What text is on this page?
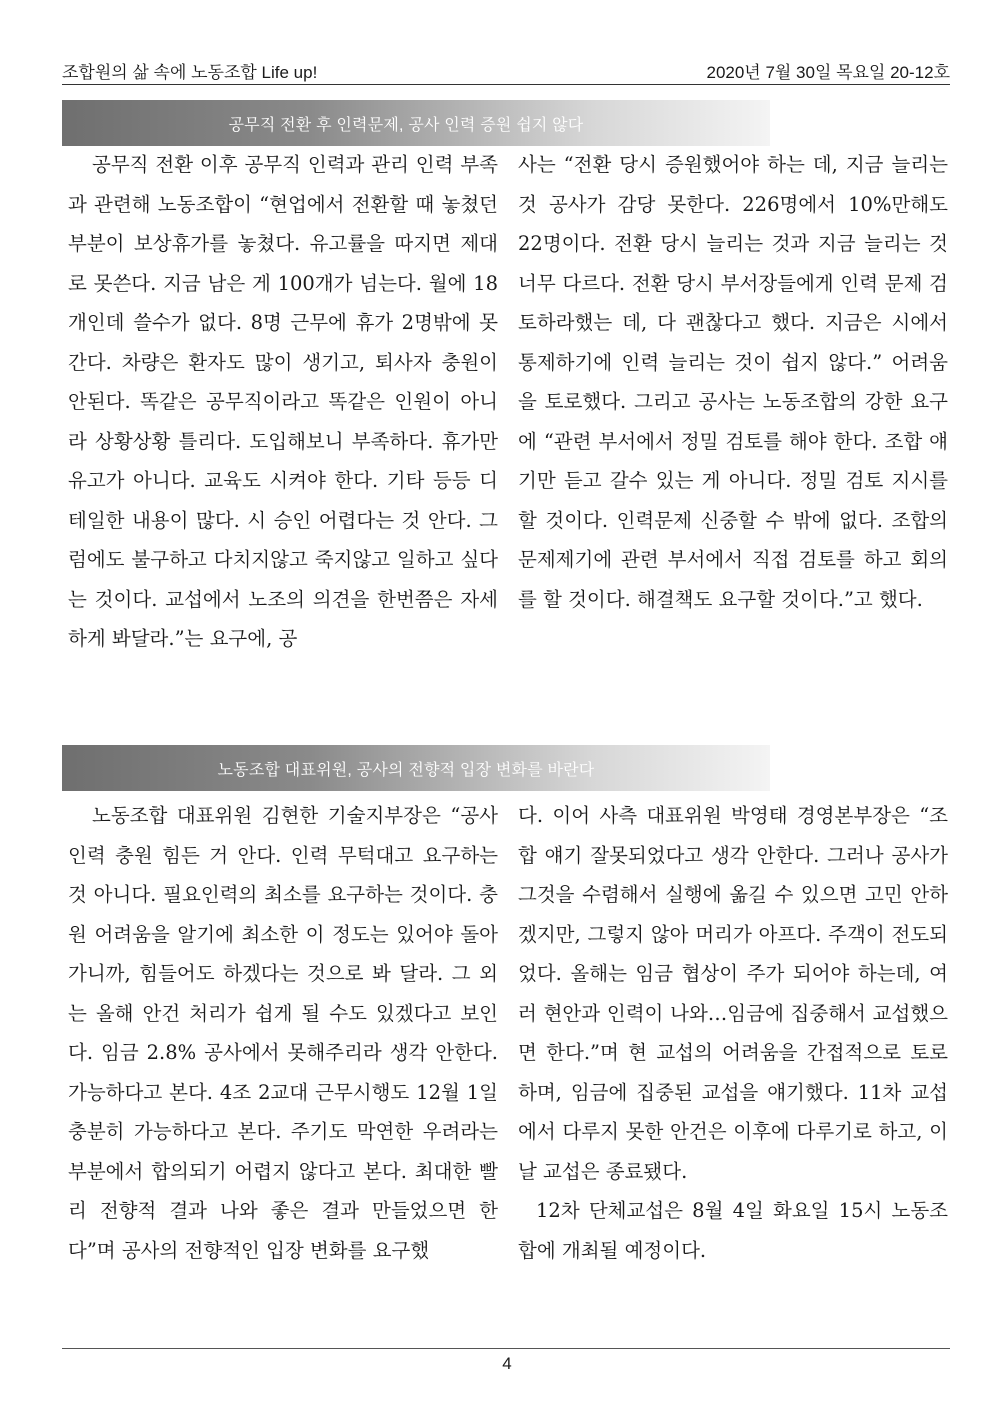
조합원의 삶 속에 노동조합 Life up!	2020년 7월 30일 목요일 20-12호
공무직 전환 후 인력문제, 공사 인력 증원 쉽지 않다

공무직 전환 이후 공무직 인력과 관리 인력 부족과 관련해 노동조합이 “현업에서 전환할 때 놓쳤던 부분이 보상휴가를 놓쳤다. 유고률을 따지면 제대로 못쓴다. 지금 남은 게 100개가 넘는다. 월에 18개인데 쓸수가 없다. 8명 근무에 휴가 2명밖에 못간다. 차량은 환자도 많이 생기고, 퇴사자 충원이 안된다. 똑같은 공무직이라고 똑같은 인원이 아니라 상황상황 틀리다. 도입해보니 부족하다. 휴가만 유고가 아니다. 교육도 시켜야 한다. 기타 등등 디테일한 내용이 많다. 시 승인 어렵다는 것 안다. 그럼에도 불구하고 다치지않고 죽지않고 일하고 싶다는 것이다. 교섭에서 노조의 의견을 한번쯤은 자세하게 봐달라.”는 요구에, 공

사는 “전환 당시 증원했어야 하는 데, 지금 늘리는 것 공사가 감당 못한다. 226명에서 10%만해도 22명이다. 전환 당시 늘리는 것과 지금 늘리는 것 너무 다르다. 전환 당시 부서장들에게 인력 문제 검토하라했는 데, 다 괜찮다고 했다. 지금은 시에서 통제하기에 인력 늘리는 것이 쉽지 않다.” 어려움을 토로했다. 그리고 공사는 노동조합의 강한 요구에 “관련 부서에서 정밀 검토를 해야 한다. 조합 얘기만 듣고 갈수 있는 게 아니다. 정밀 검토 지시를 할 것이다. 인력문제 신중할 수 밖에 없다. 조합의 문제제기에 관련 부서에서 직접 검토를 하고 회의를 할 것이다. 해결책도 요구할 것이다.”고 했다.

노동조합 대표위원, 공사의 전향적 입장 변화를 바란다

노동조합 대표위원 김현한 기술지부장은 “공사 인력 충원 힘든 거 안다. 인력 무턱대고 요구하는 것 아니다. 필요인력의 최소를 요구하는 것이다. 충원 어려움을 알기에 최소한 이 정도는 있어야 돌아가니까, 힘들어도 하겠다는 것으로 봐 달라. 그 외는 올해 안건 처리가 쉽게 될 수도 있겠다고 보인다. 임금 2.8% 공사에서 못해주리라 생각 안한다. 가능하다고 본다. 4조 2교대 근무시행도 12월 1일 충분히 가능하다고 본다. 주기도 막연한 우려라는 부분에서 합의되기 어렵지 않다고 본다. 최대한 빨리 전향적 결과 나와 좋은 결과 만들었으면 한다”며 공사의 전향적인 입장 변화를 요구했

다. 이어 사측 대표위원 박영태 경영본부장은 “조합 얘기 잘못되었다고 생각 안한다. 그러나 공사가 그것을 수렴해서 실행에 옮길 수 있으면 고민 안하겠지만, 그렇지 않아 머리가 아프다. 주객이 전도되었다. 올해는 임금 협상이 주가 되어야 하는데, 여러 현안과 인력이 나와…임금에 집중해서 교섭했으면 한다.”며 현 교섭의 어려움을 간접적으로 토로하며, 임금에 집중된 교섭을 얘기했다. 11차 교섭에서 다루지 못한 안건은 이후에 다루기로 하고, 이날 교섭은 종료됐다.

12차 단체교섭은 8월 4일 화요일 15시 노동조합에 개최될 예정이다.

4
